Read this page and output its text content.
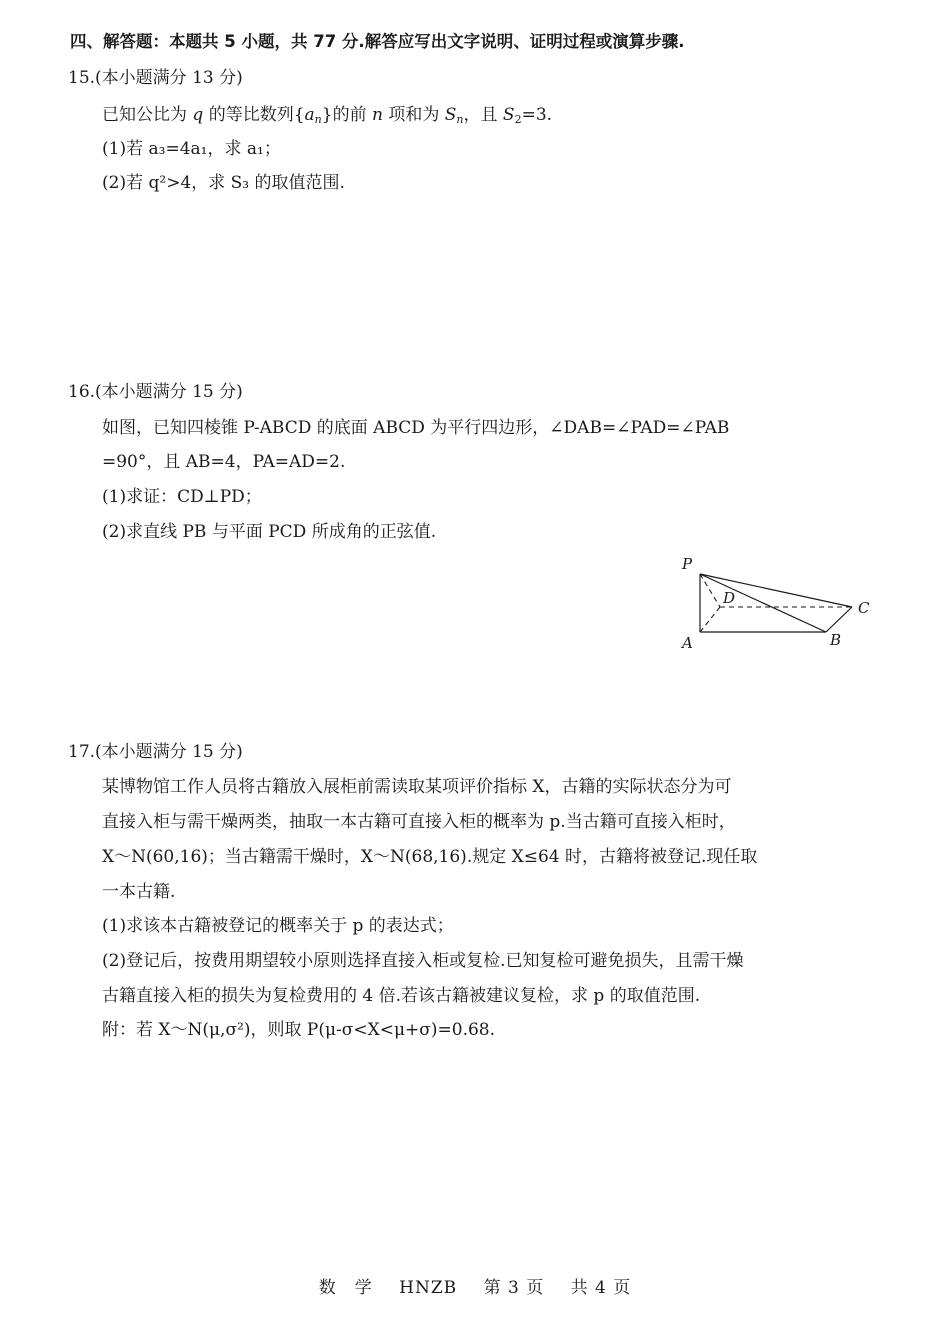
四、解答题：本题共 5 小题，共 77 分.解答应写出文字说明、证明过程或演算步骤.
15.(本小题满分 13 分)
已知公比为 q 的等比数列$\{a_n\}$的前 n 项和为 $S_n$，且 $S_2=3$.
(1)若 a₃=4a₁，求 a₁；
(2)若 q²>4，求 S₃ 的取值范围.
16.(本小题满分 15 分)
如图，已知四棱锥 P-ABCD 的底面 ABCD 为平行四边形，∠DAB=∠PAD=∠PAB
=90°，且 AB=4，PA=AD=2.
(1)求证：CD⊥PD；
(2)求直线 PB 与平面 PCD 所成角的正弦值.
P
D
C
A	B
17.(本小题满分 15 分)
某博物馆工作人员将古籍放入展柜前需读取某项评价指标 X，古籍的实际状态分为可
直接入柜与需干燥两类，抽取一本古籍可直接入柜的概率为 p.当古籍可直接入柜时，
X～N(60,16)；当古籍需干燥时，X～N(68,16).规定 X≤64 时，古籍将被登记.现任取
一本古籍.
(1)求该本古籍被登记的概率关于 p 的表达式；
(2)登记后，按费用期望较小原则选择直接入柜或复检.已知复检可避免损失，且需干燥
古籍直接入柜的损失为复检费用的 4 倍.若该古籍被建议复检，求 p 的取值范围.
附：若 X～N(μ,σ²)，则取 P(μ-σ<X<μ+σ)=0.68.
数　学 HNZB 第 3 页 共 4 页
